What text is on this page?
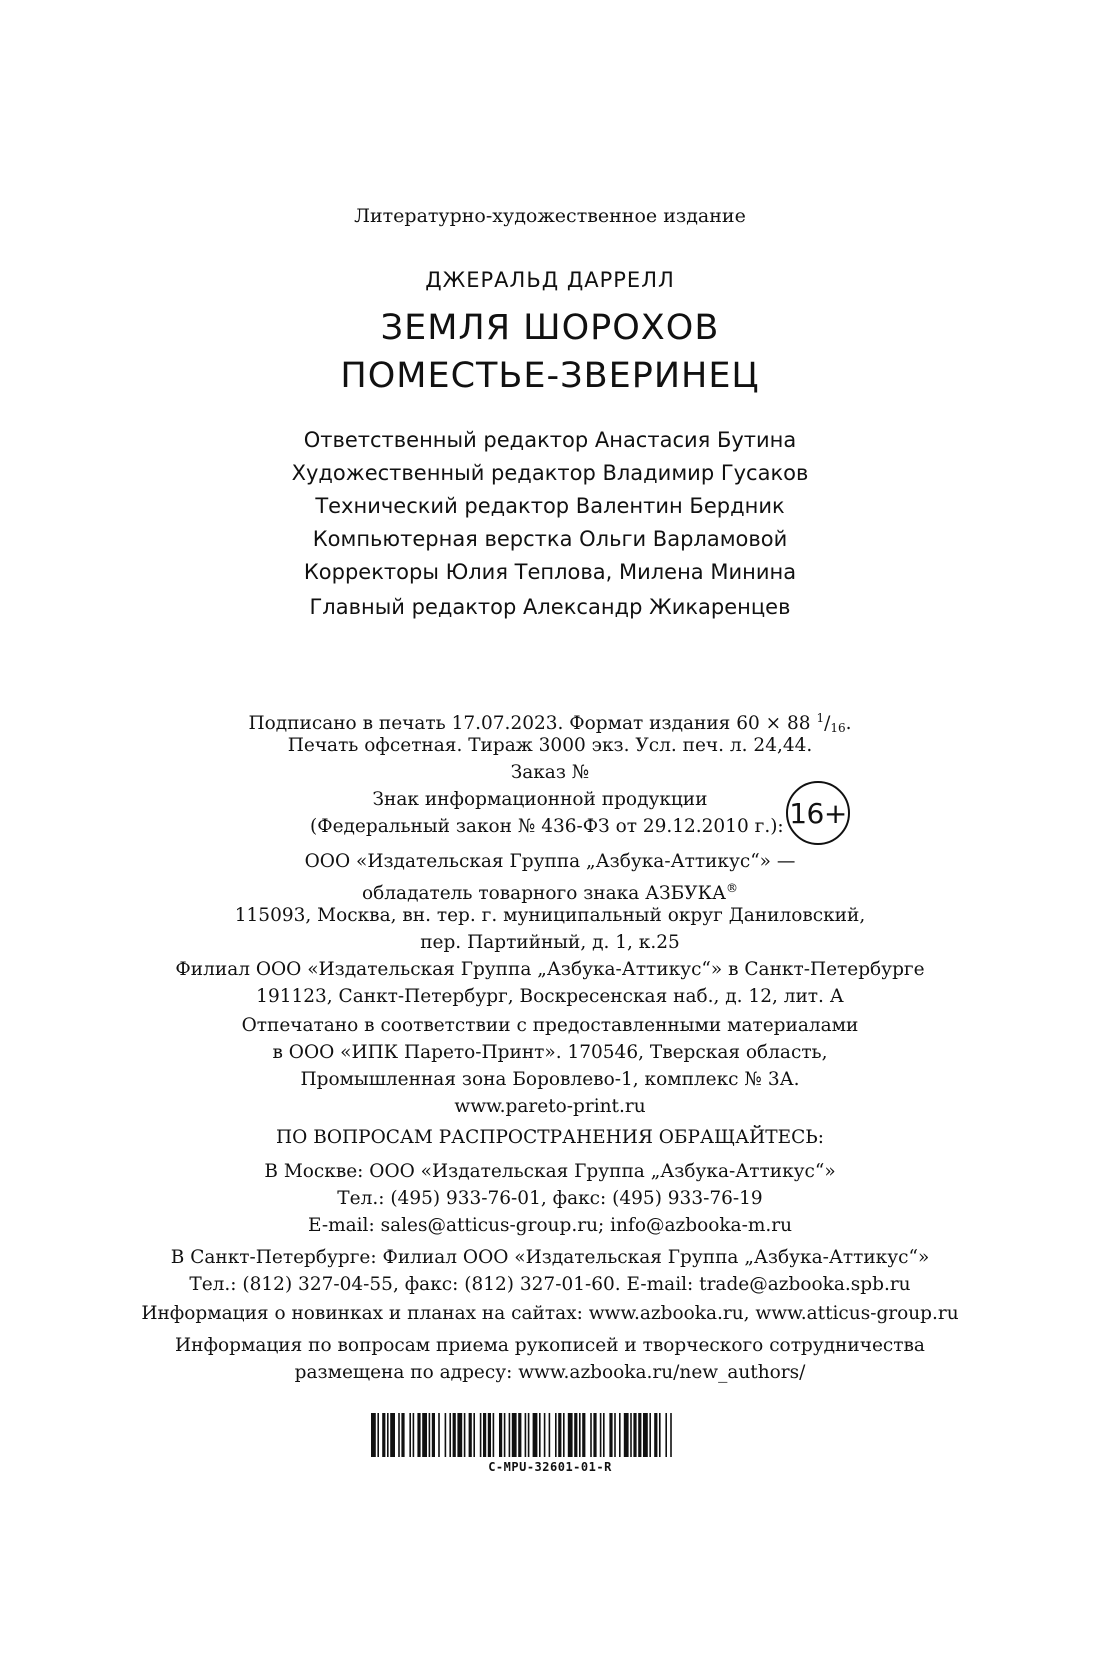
Литературно-художественное издание
ДЖЕРАЛЬД ДАРРЕЛЛ
ЗЕМЛЯ ШОРОХОВ
ПОМЕСТЬЕ-ЗВЕРИНЕЦ
Ответственный редактор Анастасия Бутина
Художественный редактор Владимир Гусаков
Технический редактор Валентин Бердник
Компьютерная верстка Ольги Варламовой
Корректоры Юлия Теплова, Милена Минина
Главный редактор Александр Жикаренцев
Подписано в печать 17.07.2023. Формат издания 60 × 88 $^1/_{16}$.
Печать офсетная. Тираж 3000 экз. Усл. печ. л. 24,44.
Заказ №
Знак информационной продукции
(Федеральный закон № 436-ФЗ от 29.12.2010 г.): 16+
ООО «Издательская Группа „Азбука-Аттикус“» —
обладатель товарного знака АЗБУКА®
115093, Москва, вн. тер. г. муниципальный округ Даниловский,
пер. Партийный, д. 1, к.25
Филиал ООО «Издательская Группа „Азбука-Аттикус“» в Санкт-Петербурге
191123, Санкт-Петербург, Воскресенская наб., д. 12, лит. А
Отпечатано в соответствии с предоставленными материалами
в ООО «ИПК Парето-Принт». 170546, Тверская область,
Промышленная зона Боровлево-1, комплекс № 3А.
www.pareto-print.ru
ПО ВОПРОСАМ РАСПРОСТРАНЕНИЯ ОБРАЩАЙТЕСЬ:
В Москве: ООО «Издательская Группа „Азбука-Аттикус“»
Тел.: (495) 933-76-01, факс: (495) 933-76-19
E-mail: sales@atticus-group.ru; info@azbooka-m.ru
В Санкт-Петербурге: Филиал ООО «Издательская Группа „Азбука-Аттикус“»
Тел.: (812) 327-04-55, факс: (812) 327-01-60. E-mail: trade@azbooka.spb.ru
Информация о новинках и планах на сайтах: www.azbooka.ru, www.atticus-group.ru
Информация по вопросам приема рукописей и творческого сотрудничества
размещена по адресу: www.azbooka.ru/new_authors/
C-MPU-32601-01-R
